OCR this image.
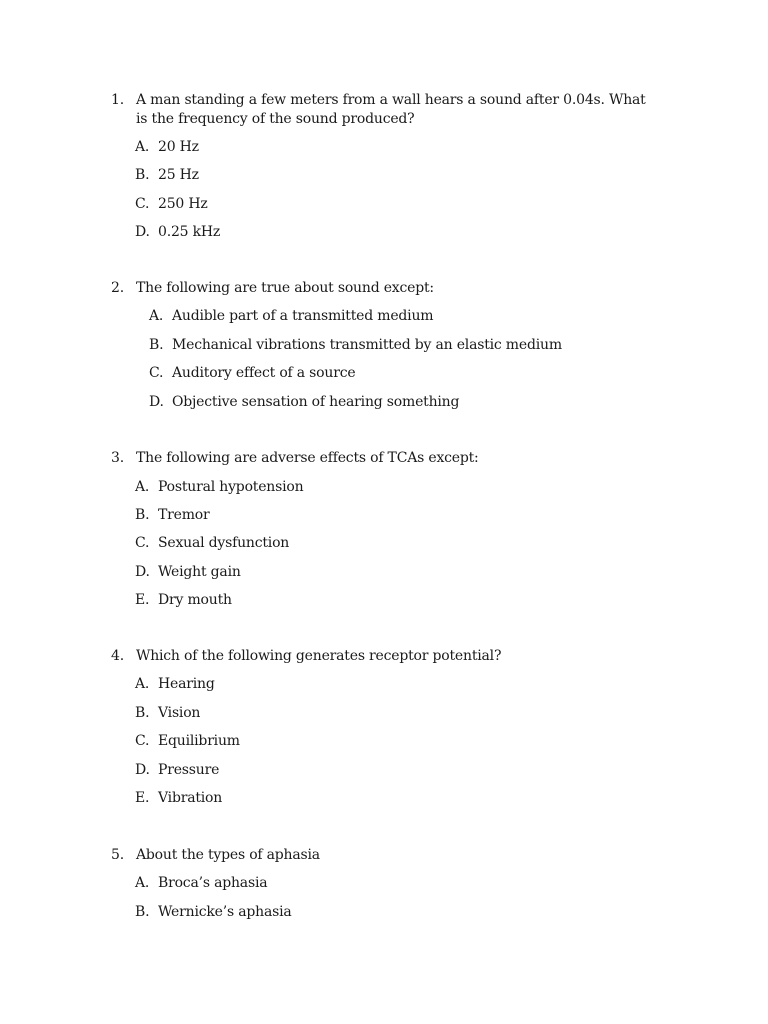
1. A man standing a few meters from a wall hears a sound after 0.04s. What is the frequency of the sound produced?
A. 20 Hz
B. 25 Hz
C. 250 Hz
D. 0.25 kHz
2. The following are true about sound except:
A. Audible part of a transmitted medium
B. Mechanical vibrations transmitted by an elastic medium
C. Auditory effect of a source
D. Objective sensation of hearing something
3. The following are adverse effects of TCAs except:
A. Postural hypotension
B. Tremor
C. Sexual dysfunction
D. Weight gain
E. Dry mouth
4. Which of the following generates receptor potential?
A. Hearing
B. Vision
C. Equilibrium
D. Pressure
E. Vibration
5. About the types of aphasia
A. Broca’s aphasia
B. Wernicke’s aphasia
